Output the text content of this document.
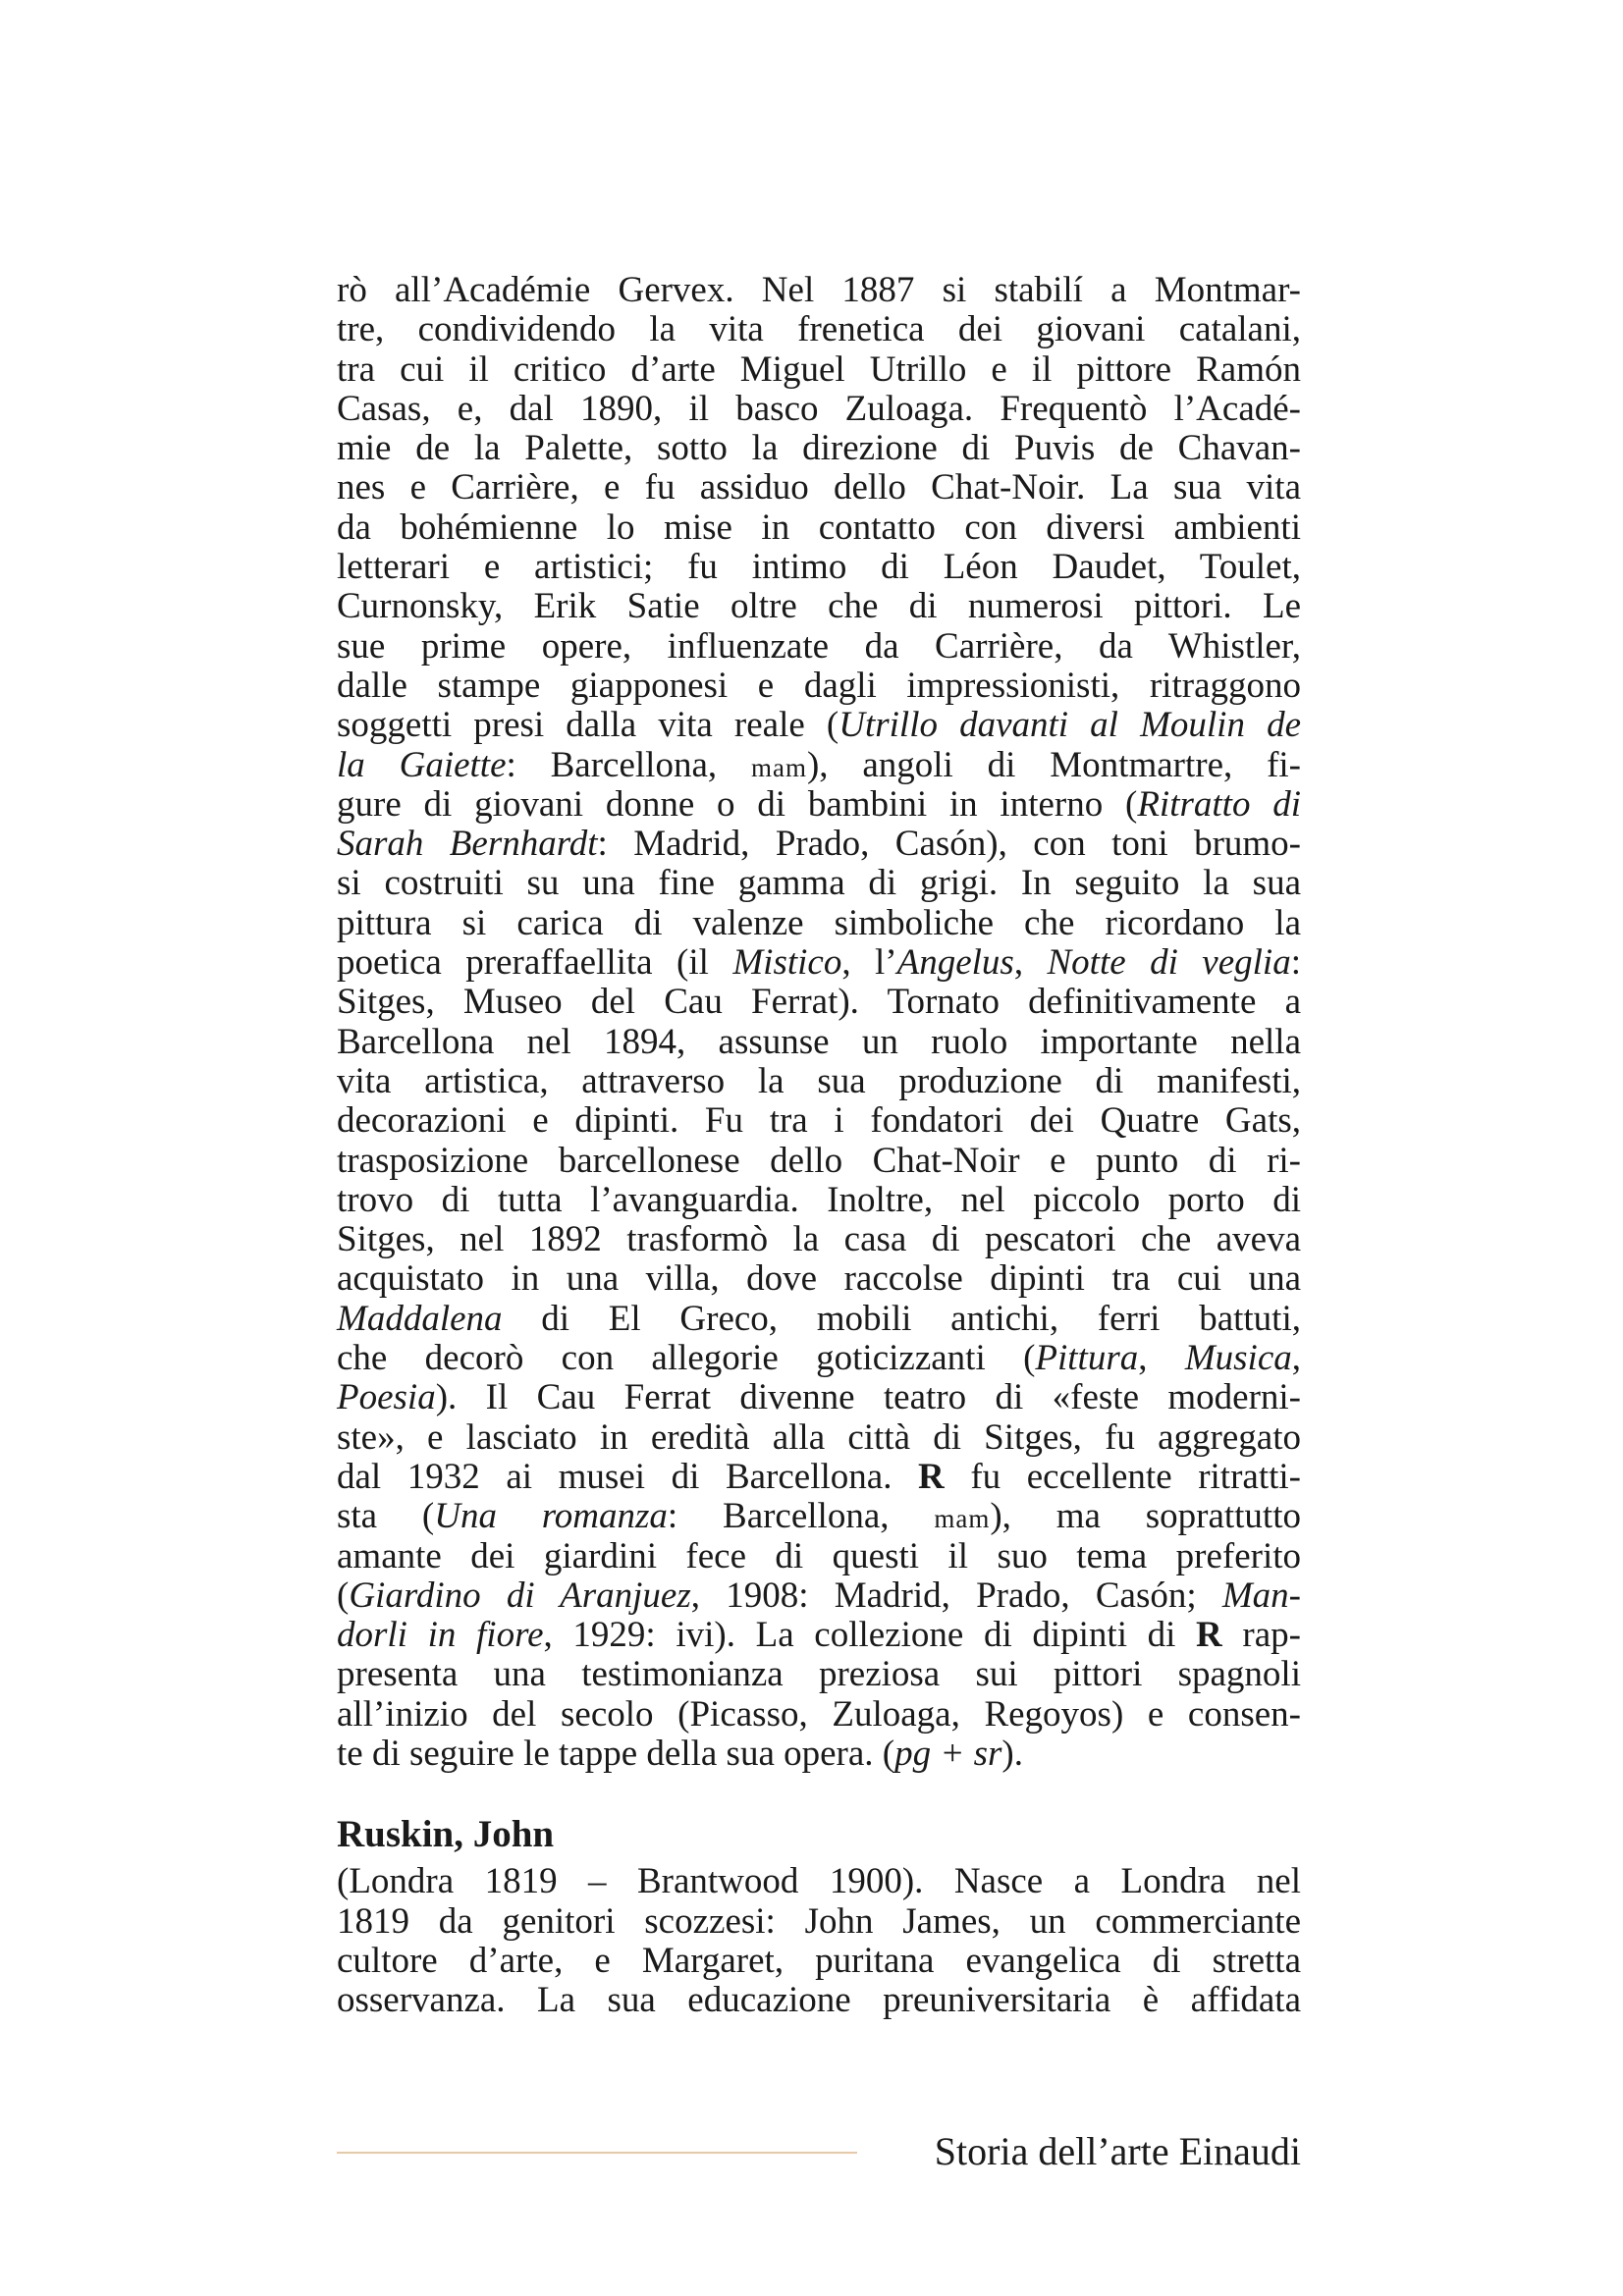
rò all’Académie Gervex. Nel 1887 si stabilí a Montmar-
tre, condividendo la vita frenetica dei giovani catalani,
tra cui il critico d’arte Miguel Utrillo e il pittore Ramón
Casas, e, dal 1890, il basco Zuloaga. Frequentò l’Acadé-
mie de la Palette, sotto la direzione di Puvis de Chavan-
nes e Carrière, e fu assiduo dello Chat-Noir. La sua vita
da bohémienne lo mise in contatto con diversi ambienti
letterari e artistici; fu intimo di Léon Daudet, Toulet,
Curnonsky, Erik Satie oltre che di numerosi pittori. Le
sue prime opere, influenzate da Carrière, da Whistler,
dalle stampe giapponesi e dagli impressionisti, ritraggono
soggetti presi dalla vita reale (Utrillo davanti al Moulin de
la Gaiette: Barcellona, mam), angoli di Montmartre, fi-
gure di giovani donne o di bambini in interno (Ritratto di
Sarah Bernhardt: Madrid, Prado, Casón), con toni brumo-
si costruiti su una fine gamma di grigi. In seguito la sua
pittura si carica di valenze simboliche che ricordano la
poetica preraffaellita (il Mistico, l’Angelus, Notte di veglia:
Sitges, Museo del Cau Ferrat). Tornato definitivamente a
Barcellona nel 1894, assunse un ruolo importante nella
vita artistica, attraverso la sua produzione di manifesti,
decorazioni e dipinti. Fu tra i fondatori dei Quatre Gats,
trasposizione barcellonese dello Chat-Noir e punto di ri-
trovo di tutta l’avanguardia. Inoltre, nel piccolo porto di
Sitges, nel 1892 trasformò la casa di pescatori che aveva
acquistato in una villa, dove raccolse dipinti tra cui una
Maddalena di El Greco, mobili antichi, ferri battuti,
che decorò con allegorie goticizzanti (Pittura, Musica,
Poesia). Il Cau Ferrat divenne teatro di «feste moderni-
ste», e lasciato in eredità alla città di Sitges, fu aggregato
dal 1932 ai musei di Barcellona. R fu eccellente ritratti-
sta (Una romanza: Barcellona, mam), ma soprattutto
amante dei giardini fece di questi il suo tema preferito
(Giardino di Aranjuez, 1908: Madrid, Prado, Casón; Man-
dorli in fiore, 1929: ivi). La collezione di dipinti di R rap-
presenta una testimonianza preziosa sui pittori spagnoli
all’inizio del secolo (Picasso, Zuloaga, Regoyos) e consen-
te di seguire le tappe della sua opera. (pg + sr).
Ruskin, John
(Londra 1819 – Brantwood 1900). Nasce a Londra nel
1819 da genitori scozzesi: John James, un commerciante
cultore d’arte, e Margaret, puritana evangelica di stretta
osservanza. La sua educazione preuniversitaria è affidata
Storia dell’arte Einaudi
